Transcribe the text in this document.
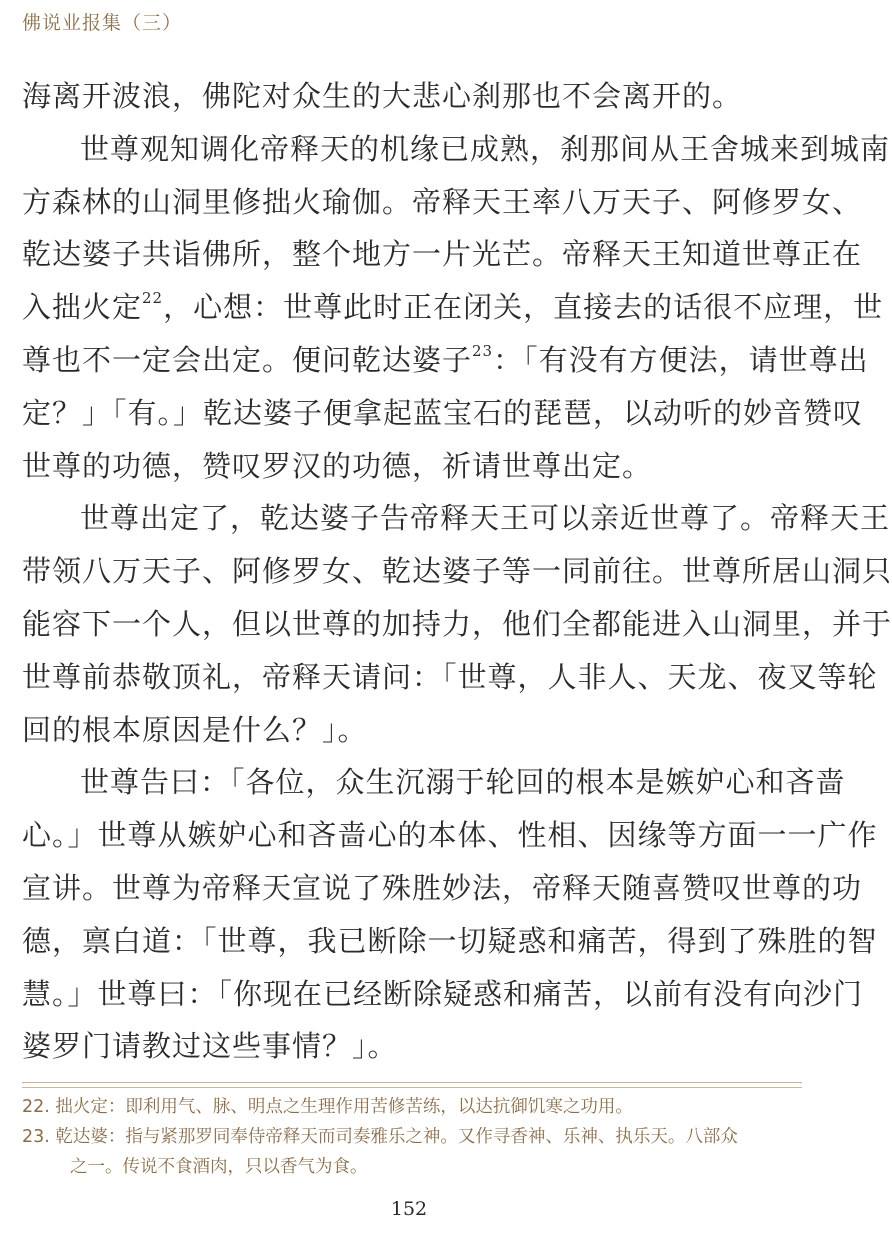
佛说业报集（三）
海离开波浪，佛陀对众生的大悲心刹那也不会离开的。
世尊观知调化帝释天的机缘已成熟，刹那间从王舍城来到城南
方森林的山洞里修拙火瑜伽。帝释天王率八万天子、阿修罗女、
乾达婆子共诣佛所，整个地方一片光芒。帝释天王知道世尊正在
入拙火定$^{22}$，心想：世尊此时正在闭关，直接去的话很不应理，世
尊也不一定会出定。便问乾达婆子$^{23}$：「有没有方便法，请世尊出
定？」「有。」乾达婆子便拿起蓝宝石的琵琶，以动听的妙音赞叹
世尊的功德，赞叹罗汉的功德，祈请世尊出定。
世尊出定了，乾达婆子告帝释天王可以亲近世尊了。帝释天王
带领八万天子、阿修罗女、乾达婆子等一同前往。世尊所居山洞只
能容下一个人，但以世尊的加持力，他们全都能进入山洞里，并于
世尊前恭敬顶礼，帝释天请问：「世尊，人非人、天龙、夜叉等轮
回的根本原因是什么？」。
世尊告曰：「各位，众生沉溺于轮回的根本是嫉妒心和吝啬
心。」世尊从嫉妒心和吝啬心的本体、性相、因缘等方面一一广作
宣讲。世尊为帝释天宣说了殊胜妙法，帝释天随喜赞叹世尊的功
德，禀白道：「世尊，我已断除一切疑惑和痛苦，得到了殊胜的智
慧。」世尊曰：「你现在已经断除疑惑和痛苦，以前有没有向沙门
婆罗门请教过这些事情？」。
22. 拙火定：即利用气、脉、明点之生理作用苦修苦练，以达抗御饥寒之功用。
23. 乾达婆：指与紧那罗同奉侍帝释天而司奏雅乐之神。又作寻香神、乐神、执乐天。八部众
之一。传说不食酒肉，只以香气为食。
152
